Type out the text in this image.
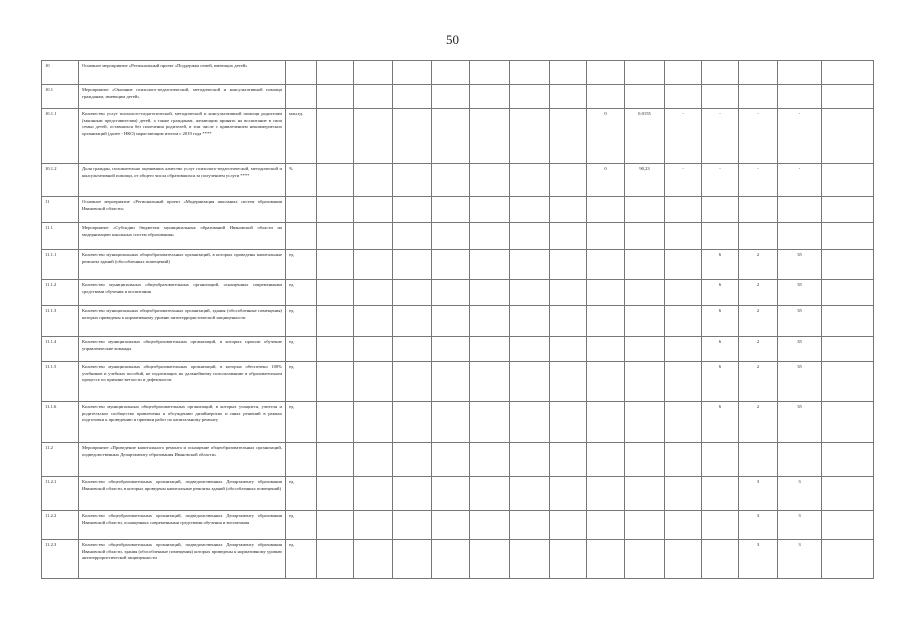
50
10	Основное мероприятие «Региональный проект «Поддержка семей, имеющих детей»															
10.1	Мероприятие «Оказание психолого-педагогической, методической и консультативной помощи гражданам, имеющим детей»															
10.1.1	Количество услуг психолого-педагогической, методической и консультативной помощи родителям (законным представителям) детей, а также гражданам, желающим принять на воспитание в свои семьи детей, оставшихся без попечения родителей, в том числе с привлечением некоммерческих организаций (далее - НКО) нарастающим итогом с 2019 года ****	млн.ед.								0	0,0155	-	-	-	-	
10.1.2	Доля граждан, положительно оценивших качество услуг психолого-педагогической, методической и консультативной помощи, от общего числа обратившихся за получением услуги ****	%								0	90,23	-	-	-	-	
11	Основное мероприятие «Региональный проект «Модернизация школьных систем образования Ивановской области»															
11.1	Мероприятие «Субсидии бюджетам муниципальных образований Ивановской области на модернизацию школьных систем образования»															
11.1.1	Количество муниципальных общеобразовательных организаций, в которых проведены капитальные ремонты зданий (обособленных помещений)	ед.											6	2	35	
11.1.2	Количество муниципальных общеобразовательных организаций, оснащенных современными средствами обучения и воспитания	ед.											6	2	35	
11.1.3	Количество муниципальных общеобразовательных организаций, здания (обособленные помещения) которых приведены к нормативному уровню антитеррористической защищенности	ед.											6	2	35	
11.1.4	Количество муниципальных общеобразовательных организаций, в которых прошли обучение управленческие команды	ед.											6	2	35	
11.1.5	Количество муниципальных общеобразовательных организаций, в которых обеспечено 100% учебников и учебных пособий, не подлежащих их дальнейшему использованию в образовательном процессе по причине ветхости и дефектности	ед.											6	2	35	
11.1.6	Количество муниципальных общеобразовательных организаций, в которых учащиеся, учителя и родительское сообщество привлечены к обсуждению дизайнерских и иных решений в рамках подготовки к проведению и приемки работ по капитальному ремонту	ед.											6	2	35	
11.2	Мероприятие «Проведение капитального ремонта и оснащение общеобразовательных организаций, подведомственных Департаменту образования Ивановской области»															
11.2.1	Количество общеобразовательных организаций, подведомственных Департаменту образования Ивановской области, в которых проведены капитальные ремонты зданий (обособленных помещений)	ед.												3	3	
11.2.2	Количество общеобразовательных организаций, подведомственных Департаменту образования Ивановской области, оснащенных современными средствами обучения и воспитания	ед.												3	3	
11.2.3	Количество общеобразовательных организаций, подведомственных Департаменту образования Ивановской области, здания (обособленные помещения) которых приведены к нормативному уровню антитеррористической защищенности	ед.												3	3	
